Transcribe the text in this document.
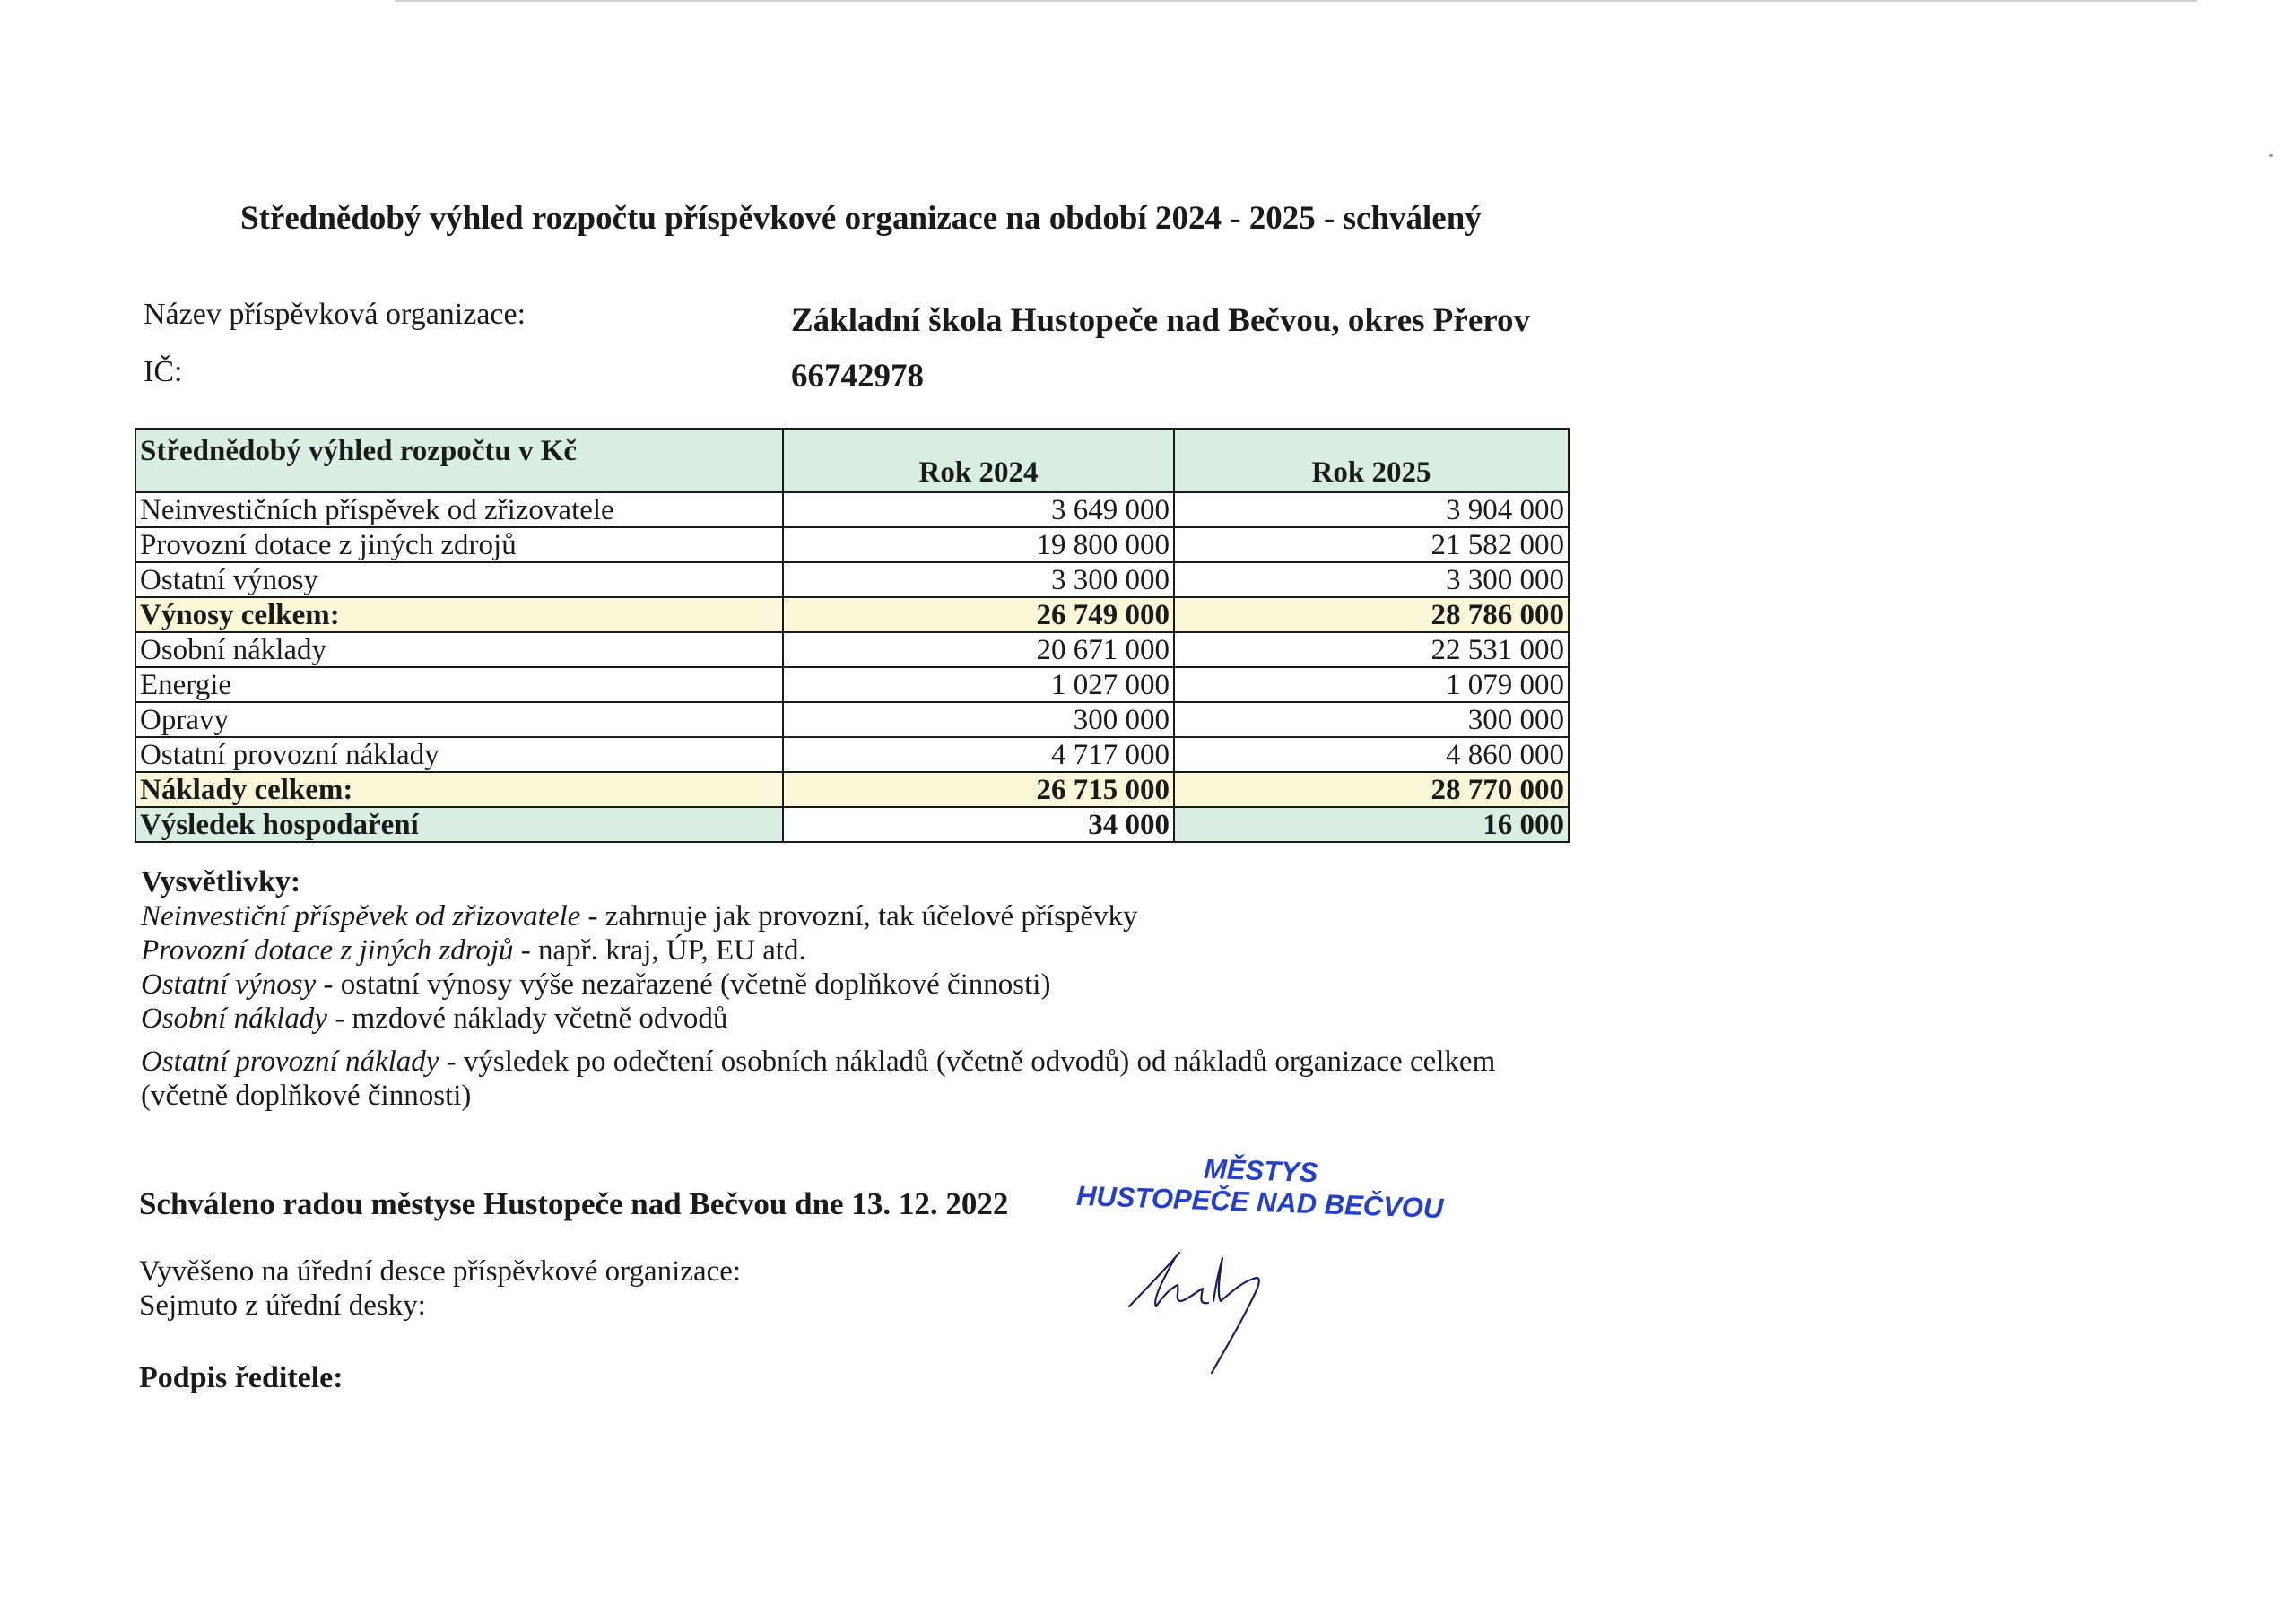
Střednědobý výhled rozpočtu příspěvkové organizace na období 2024 - 2025 - schválený
Název příspěvková organizace:	Základní škola Hustopeče nad Bečvou, okres Přerov
IČ:	66742978
Střednědobý výhled rozpočtu v Kč	Rok 2024	Rok 2025
Neinvestičních příspěvek od zřizovatele	3 649 000	3 904 000
Provozní dotace z jiných zdrojů	19 800 000	21 582 000
Ostatní výnosy	3 300 000	3 300 000
Výnosy celkem:	26 749 000	28 786 000
Osobní náklady	20 671 000	22 531 000
Energie	1 027 000	1 079 000
Opravy	300 000	300 000
Ostatní provozní náklady	4 717 000	4 860 000
Náklady celkem:	26 715 000	28 770 000
Výsledek hospodaření	34 000	16 000
Vysvětlivky:
Neinvestiční příspěvek od zřizovatele - zahrnuje jak provozní, tak účelové příspěvky
Provozní dotace z jiných zdrojů - např. kraj, ÚP, EU atd.
Ostatní výnosy - ostatní výnosy výše nezařazené (včetně doplňkové činnosti)
Osobní náklady - mzdové náklady včetně odvodů
Ostatní provozní náklady - výsledek po odečtení osobních nákladů (včetně odvodů) od nákladů organizace celkem
(včetně doplňkové činnosti)
Schváleno radou městyse Hustopeče nad Bečvou dne 13. 12. 2022
Vyvěšeno na úřední desce příspěvkové organizace:
Sejmuto z úřední desky:
Podpis ředitele:
MĚSTYS
HUSTOPEČE NAD BEČVOU
